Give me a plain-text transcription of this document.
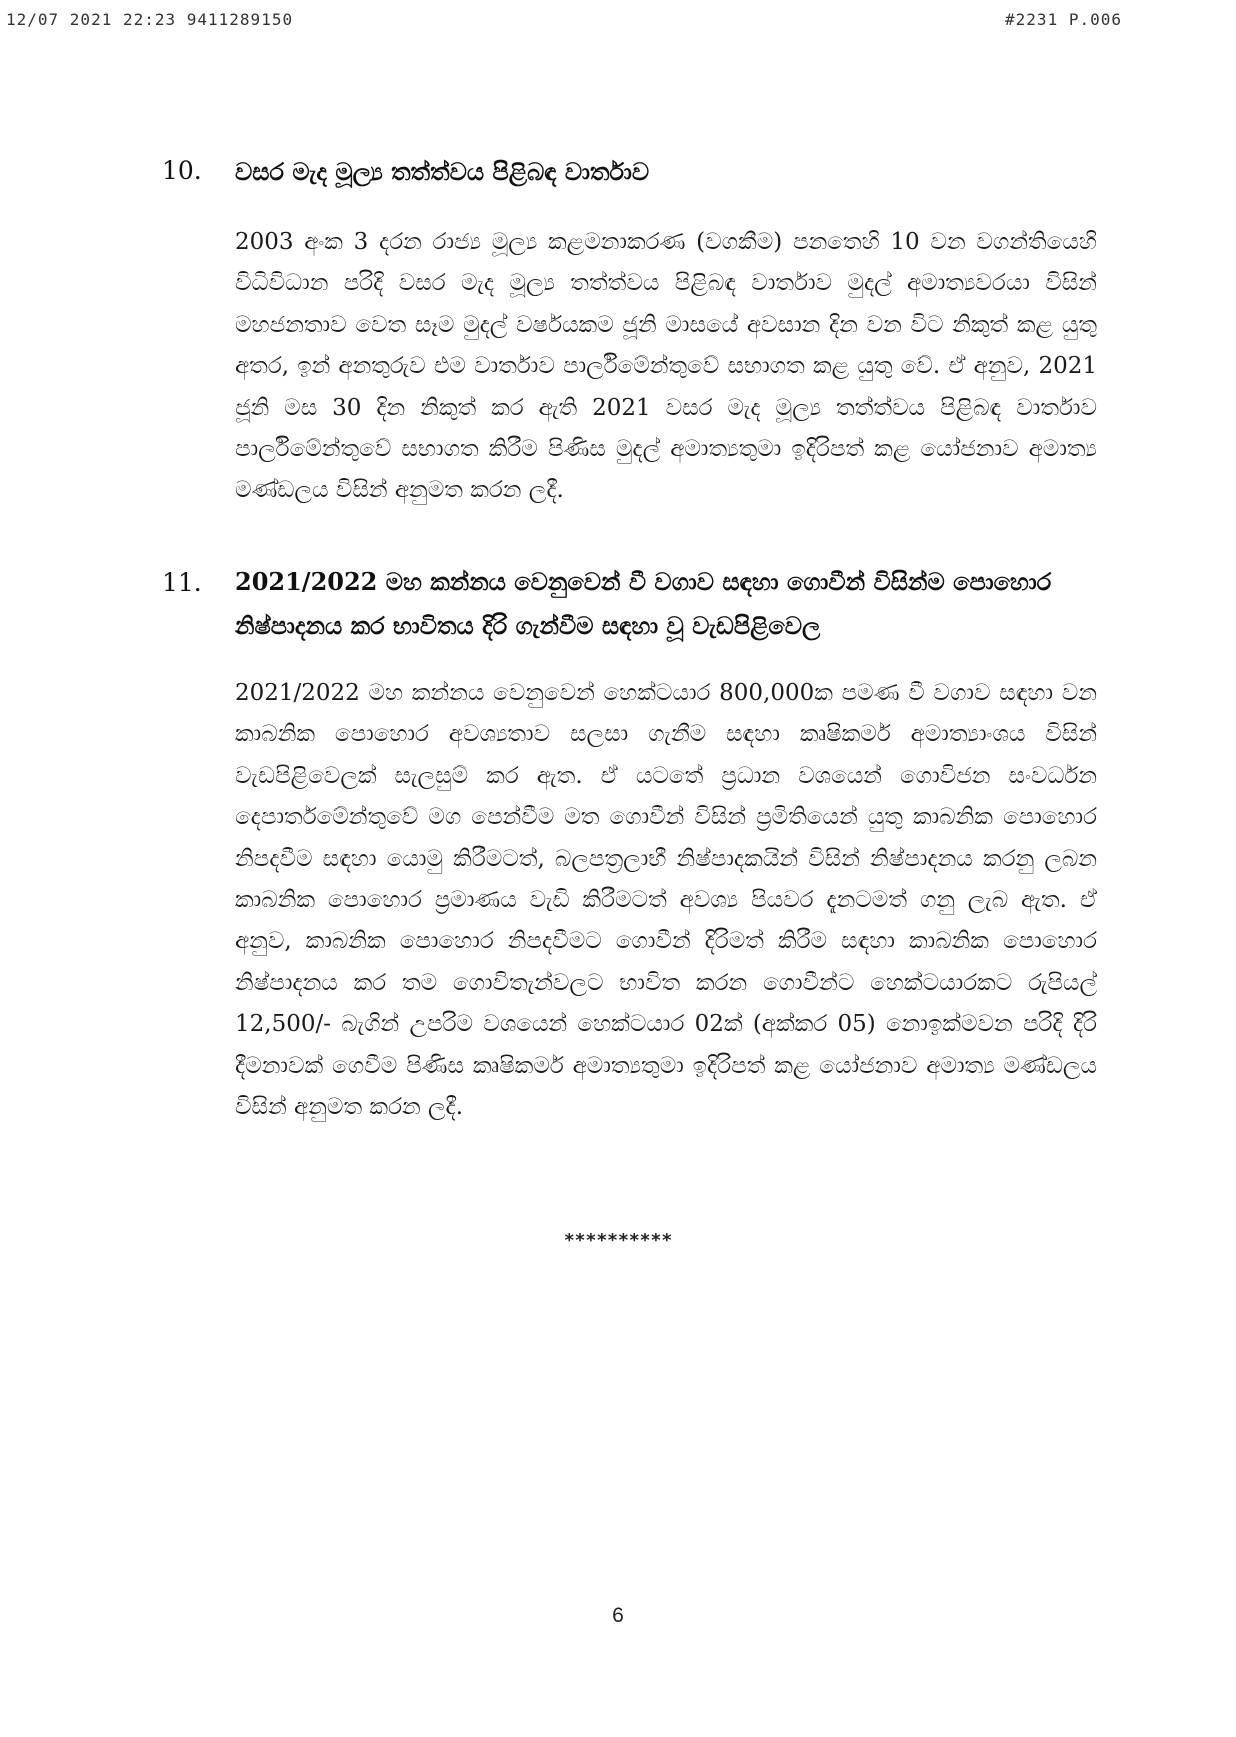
12/07 2021 22:23 9411289150	#2231 P.006
10. වසර මැද මූල්‍ය තත්ත්වය පිළිබඳ වාර්තාව
2003 අංක 3 දරන රාජ්‍ය මූල්‍ය කළමනාකරණ (වගකීම) පනතෙහි 10 වන වගන්තියෙහි විධිවිධාන පරිදි වසර මැද මූල්‍ය තත්ත්වය පිළිබඳ වාර්තාව මුදල් අමාත්‍යවරයා විසින් මහජනතාව වෙත සෑම මුදල් වර්ෂයකම ජූනි මාසයේ අවසාන දින වන විට නිකුත් කළ යුතු අතර, ඉන් අනතුරුව එම වාර්තාව පාර්ලිමේන්තුවේ සභාගත කළ යුතු වේ. ඒ අනුව, 2021 ජූනි මස 30 දින නිකුත් කර ඇති 2021 වසර මැද මූල්‍ය තත්ත්වය පිළිබඳ වාර්තාව පාර්ලිමේන්තුවේ සභාගත කිරීම පිණිස මුදල් අමාත්‍යතුමා ඉදිරිපත් කළ යෝජනාව අමාත්‍ය මණ්ඩලය විසින් අනුමත කරන ලදී.
11. 2021/2022 මහ කන්නය වෙනුවෙන් වී වගාව සඳහා ගොවීන් විසින්ම පොහොර නිෂ්පාදනය කර භාවිතය දිරි ගැන්වීම සඳහා වූ වැඩපිළිවෙල
2021/2022 මහ කන්නය වෙනුවෙන් හෙක්ටයාර 800,000ක පමණ වී වගාව සඳහා වන කාබනික පොහොර අවශ්‍යතාව සලසා ගැනීම සඳහා කෘෂිකර්ම අමාත්‍යාංශය විසින් වැඩපිළිවෙලක් සැලසුම් කර ඇත. ඒ යටතේ ප්‍රධාන වශයෙන් ගොවිජන සංවර්ධන දෙපාර්තමේන්තුවේ මග පෙන්වීම මත ගොවීන් විසින් ප්‍රමිතියෙන් යුතු කාබනික පොහොර නිපදවීම සඳහා යොමු කිරීමටත්, බලපත්‍රලාභී නිෂ්පාදකයින් විසින් නිෂ්පාදනය කරනු ලබන කාබනික පොහොර ප්‍රමාණය වැඩි කිරීමටත් අවශ්‍ය පියවර දැනටමත් ගනු ලැබ ඇත. ඒ අනුව, කාබනික පොහොර නිපදවීමට ගොවීන් දිරිමත් කිරීම සඳහා කාබනික පොහොර නිෂ්පාදනය කර තම ගොවිතැන්වලට භාවිත කරන ගොවීන්ට හෙක්ටයාරකට රුපියල් 12,500/- බැගින් උපරිම වශයෙන් හෙක්ටයාර 02ක් (අක්කර 05) නොඉක්මවන පරිදි දිරි දීමනාවක් ගෙවීම පිණිස කෘෂිකර්ම අමාත්‍යතුමා ඉදිරිපත් කළ යෝජනාව අමාත්‍ය මණ්ඩලය විසින් අනුමත කරන ලදී.
**********
6
